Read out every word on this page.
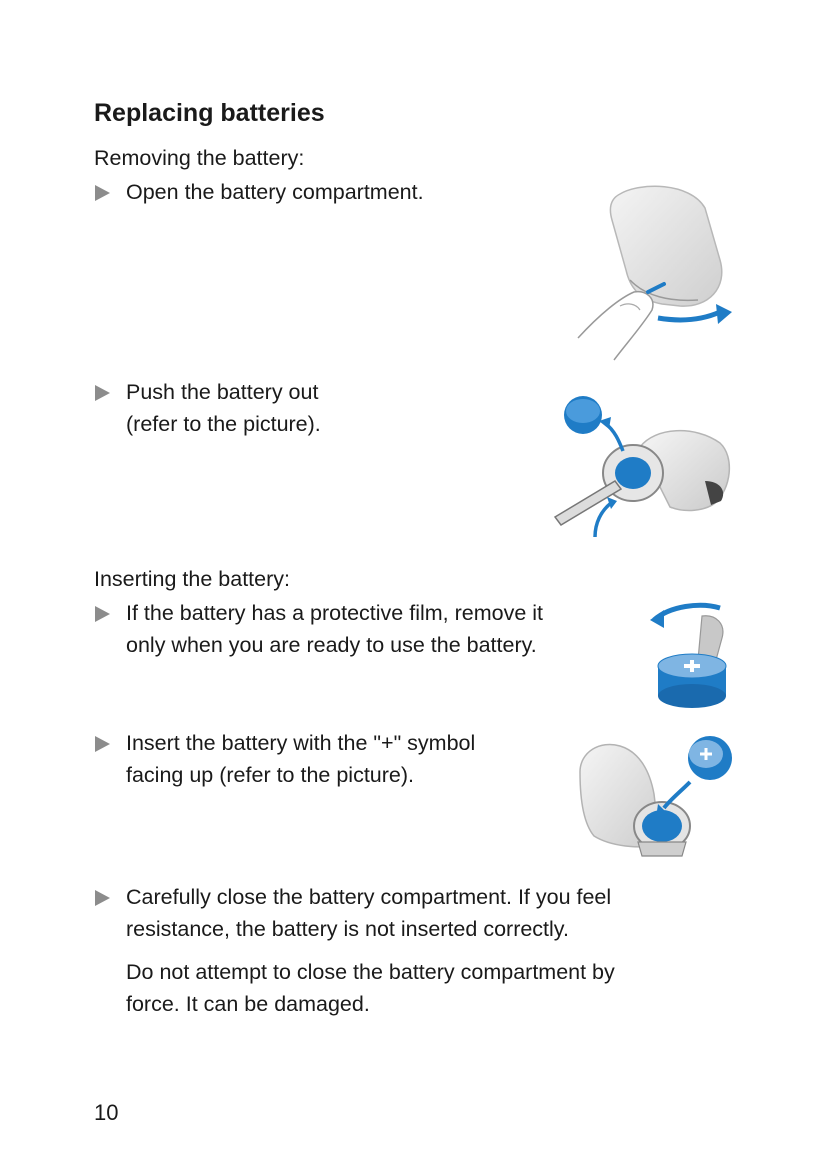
Replacing batteries
Removing the battery:
Open the battery compartment.
Push the battery out
(refer to the picture).
Inserting the battery:
If the battery has a protective film, remove it
only when you are ready to use the battery.
Insert the battery with the "+" symbol
facing up (refer to the picture).
Carefully close the battery compartment. If you feel
resistance, the battery is not inserted correctly.
Do not attempt to close the battery compartment by
force. It can be damaged.
10
